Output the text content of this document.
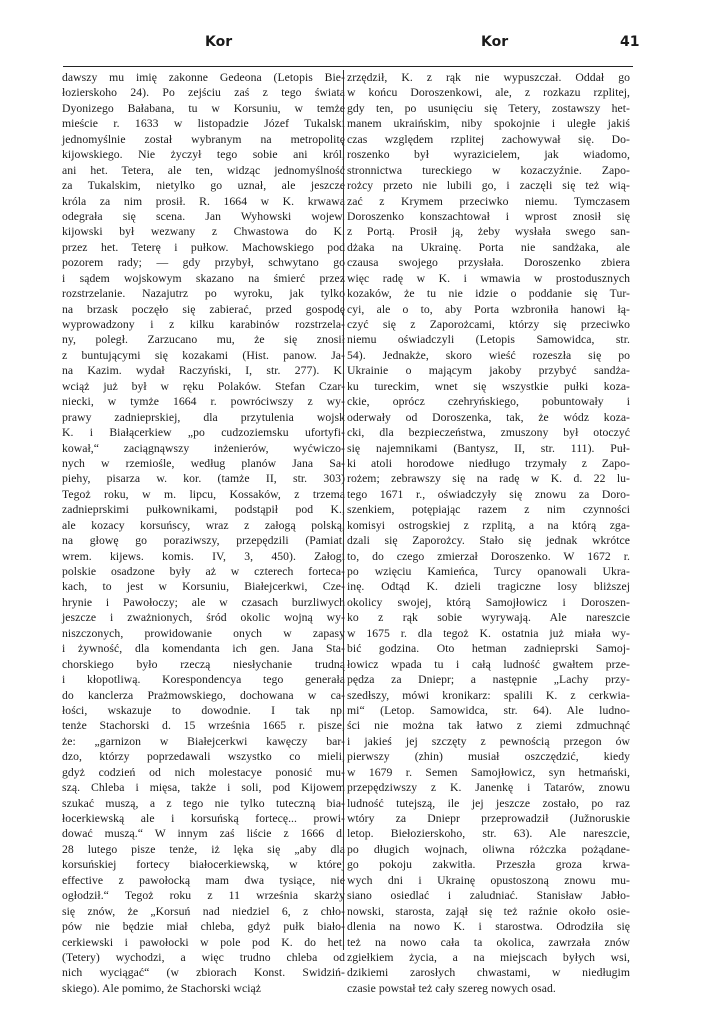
Kor	Kor	41
dawszy mu imię zakonne Gedeona (Letopis Bie-
łozierskoho 24). Po zejściu zaś z tego świata
Dyonizego Bałabana, tu w Korsuniu, w temże
mieście r. 1633 w listopadzie Józef Tukalski
jednomyślnie został wybranym na metropolitę
kijowskiego. Nie życzył tego sobie ani król,
ani het. Tetera, ale ten, widząc jednomyślność
za Tukalskim, nietylko go uznał, ale jeszcze
króla za nim prosił. R. 1664 w K. krwawa
odegrała się scena. Jan Wyhowski wojew.
kijowski był wezwany z Chwastowa do K.
przez het. Teterę i pułkow. Machowskiego pod
pozorem rady; — gdy przybył, schwytano go
i sądem wojskowym skazano na śmierć przez
rozstrzelanie. Nazajutrz po wyroku, jak tylko
na brzask poczęło się zabierać, przed gospodę
wyprowadzony i z kilku karabinów rozstrzela-
ny, poległ. Zarzucano mu, że się znosił
z buntującymi się kozakami (Hist. panow. Ja-
na Kazim. wydał Raczyński, I, str. 277). K.
wciąż już był w ręku Polaków. Stefan Czar-
niecki, w tymże 1664 r. powróciwszy z wy-
prawy zadnieprskiej, dla przytulenia wojsk
K. i Białącerkiew „po cudzoziemsku ufortyfi-
kował,“ zaciągnąwszy inżenierów, wyćwiczo-
nych w rzemiośle, według planów Jana Sa-
piehy, pisarza w. kor. (tamże II, str. 303)
Tegoż roku, w m. lipcu, Kossaków, z trzema
zadnieprskimi pułkownikami, podstąpił pod K.,
ale kozacy korsuńscy, wraz z załogą polską,
na głowę go poraziwszy, przepędzili (Pamiat.
wrem. kijews. komis. IV, 3, 450). Załogi
polskie osadzone były aż w czterech forteca-
kach, to jest w Korsuniu, Białejcerkwi, Cze-
hrynie i Pawołoczy; ale w czasach burzliwych
jeszcze i zważnionych, śród okolic wojną wy-
niszczonych, prowidowanie onych w zapasy
i żywność, dla komendanta ich gen. Jana Sta-
chorskiego było rzeczą niesłychanie trudną
i kłopotliwą. Korespondencya tego generała
do kanclerza Prażmowskiego, dochowana w ca-
łości, wskazuje to dowodnie. I tak np.
tenże Stachorski d. 15 września 1665 r. pisze,
że: „garnizon w Białejcerkwi kawęczy bar-
dzo, którzy poprzedawali wszystko co mieli,
gdyż codzień od nich molestacye ponosić mu-
szą. Chleba i mięsa, także i soli, pod Kijowem
szukać muszą, a z tego nie tylko tuteczną bia-
łocerkiewską ale i korsuńską fortecę... prowi-
dować muszą.“ W innym zaś liście z 1666 d.
28 lutego pisze tenże, iż lęka się „aby dla
korsuńskiej fortecy białocerkiewską, w której
effective z pawołocką mam dwa tysiące, nie
ogłodził.“ Tegoż roku z 11 września skarży
się znów, że „Korsuń nad niedziel 6, z chło-
pów nie będzie miał chleba, gdyż pułk biało-
cerkiewski i pawołocki w pole pod K. do het.
(Tetery) wychodzi, a więc trudno chleba od
nich wyciągać“ (w zbiorach Konst. Swidziń-
skiego). Ale pomimo, że Stachorski wciąż
zrzędził, K. z rąk nie wypuszczał. Oddał go
w końcu Doroszenkowi, ale, z rozkazu rzplitej,
gdy ten, po usunięciu się Tetery, zostawszy het-
manem ukraińskim, niby spokojnie i uległe jakiś
czas względem rzplitej zachowywał się. Do-
roszenko był wyrazicielem, jak wiadomo,
stronnictwa tureckiego w kozaczyźnie. Zapo-
rożcy przeto nie lubili go, i zaczęli się też wią-
zać z Krymem przeciwko niemu. Tymczasem
Doroszenko konszachtował i wprost znosił się
z Portą. Prosił ją, żeby wysłała swego san-
dżaka na Ukrainę. Porta nie sandżaka, ale
czausa swojego przysłała. Doroszenko zbiera
więc radę w K. i wmawia w prostodusznych
kozaków, że tu nie idzie o poddanie się Tur-
cyi, ale o to, aby Porta wzbroniła hanowi łą-
czyć się z Zaporożcami, którzy się przeciwko
niemu oświadczyli (Letopis Samowidca, str.
54). Jednakże, skoro wieść rozeszła się po
Ukrainie o mającym jakoby przybyć sandża-
ku tureckim, wnet się wszystkie pułki koza-
ckie, oprócz czehryńskiego, pobuntowały i
oderwały od Doroszenka, tak, że wódz koza-
cki, dla bezpieczeństwa, zmuszony był otoczyć
się najemnikami (Bantysz, II, str. 111). Puł-
ki atoli horodowe niedługo trzymały z Zapo-
rożem; zebrawszy się na radę w K. d. 22 lu-
tego 1671 r., oświadczyły się znowu za Doro-
szenkiem, potępiając razem z nim czynności
komisyi ostrogskiej z rzplitą, a na którą zga-
dzali się Zaporożcy. Stało się jednak wkrótce
to, do czego zmierzał Doroszenko. W 1672 r.
po wzięciu Kamieńca, Turcy opanowali Ukra-
inę. Odtąd K. dzieli tragiczne losy bliższej
okolicy swojej, którą Samojłowicz i Doroszen-
ko z rąk sobie wyrywają. Ale nareszcie
w 1675 r. dla tegoż K. ostatnia już miała wy-
bić godzina. Oto hetman zadnieprski Samoj-
łowicz wpada tu i całą ludność gwałtem prze-
pędza za Dniepr; a następnie „Lachy przy-
szedłszy, mówi kronikarz: spalili K. z cerkwia-
mi“ (Letop. Samowidca, str. 64). Ale ludno-
ści nie można tak łatwo z ziemi zdmuchnąć
i jakieś jej szczęty z pewnością przegon ów
pierwszy (zhin) musiał oszczędzić, kiedy
w 1679 r. Semen Samojłowicz, syn hetmański,
przepędziwszy z K. Janenkę i Tatarów, znowu
ludność tutejszą, ile jej jeszcze zostało, po raz
wtóry za Dniepr przeprowadził (Južnoruskie
letop. Biełozierskoho, str. 63). Ale nareszcie,
po długich wojnach, oliwna różczka pożądane-
go pokoju zakwitła. Przeszła groza krwa-
wych dni i Ukrainę opustoszoną znowu mu-
siano osiedlać i zaludniać. Stanisław Jabło-
nowski, starosta, zajął się też raźnie około osie-
dlenia na nowo K. i starostwa. Odrodziła się
też na nowo cała ta okolica, zawrzała znów
zgiełkiem życia, a na miejscach byłych wsi,
dzikiemi zarosłych chwastami, w niedługim
czasie powstał też cały szereg nowych osad.
